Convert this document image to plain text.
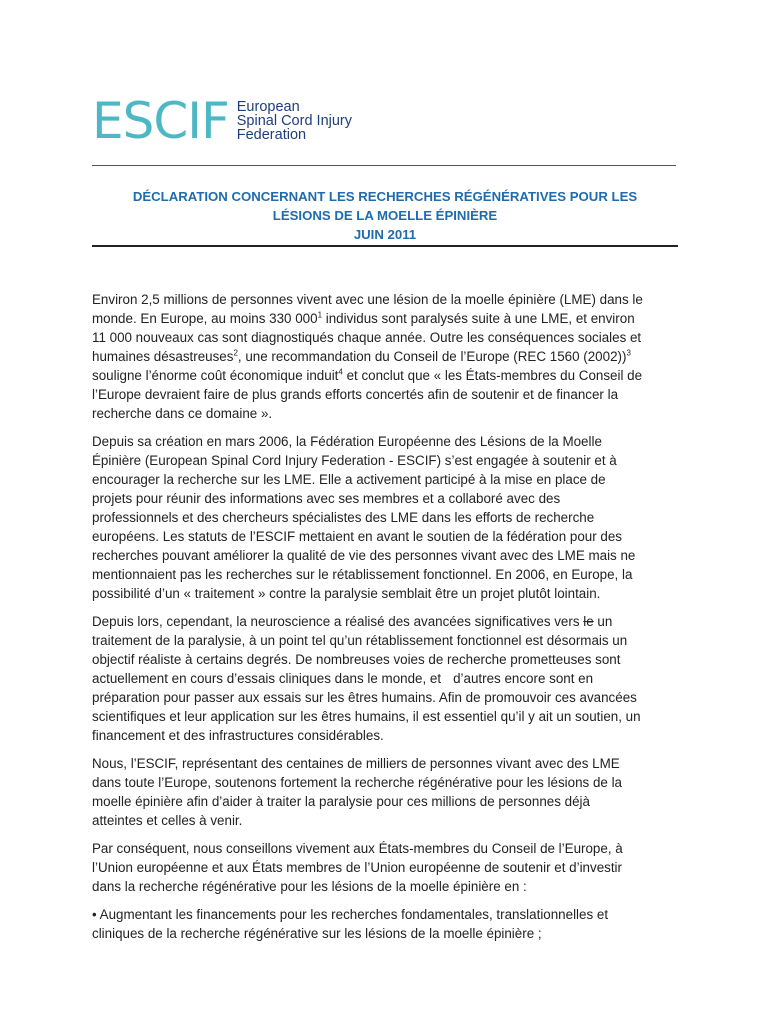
ESCIF European
Spinal Cord Injury
Federation
DÉCLARATION CONCERNANT LES RECHERCHES RÉGÉNÉRATIVES POUR LES
LÉSIONS DE LA MOELLE ÉPINIÈRE
JUIN 2011

Environ 2,5 millions de personnes vivent avec une lésion de la moelle épinière (LME) dans le
monde. En Europe, au moins 330 $000^1$ individus sont paralysés suite à une LME, et environ
11 000 nouveaux cas sont diagnostiqués chaque année. Outre les conséquences sociales et
humaines désastreuses$^2$, une recommandation du Conseil de l’Europe (REC 1560 (2002))$^3$
souligne l’énorme coût économique induit$^4$ et conclut que « les États-membres du Conseil de
l’Europe devraient faire de plus grands efforts concertés afin de soutenir et de financer la
recherche dans ce domaine ».

Depuis sa création en mars 2006, la Fédération Européenne des Lésions de la Moelle
Épinière (European Spinal Cord Injury Federation - ESCIF) s’est engagée à soutenir et à
encourager la recherche sur les LME. Elle a activement participé à la mise en place de
projets pour réunir des informations avec ses membres et a collaboré avec des
professionnels et des chercheurs spécialistes des LME dans les efforts de recherche
européens. Les statuts de l’ESCIF mettaient en avant le soutien de la fédération pour des
recherches pouvant améliorer la qualité de vie des personnes vivant avec des LME mais ne
mentionnaient pas les recherches sur le rétablissement fonctionnel. En 2006, en Europe, la
possibilité d’un « traitement » contre la paralysie semblait être un projet plutôt lointain.

Depuis lors, cependant, la neuroscience a réalisé des avancées significatives vers le un
traitement de la paralysie, à un point tel qu’un rétablissement fonctionnel est désormais un
objectif réaliste à certains degrés. De nombreuses voies de recherche prometteuses sont
actuellement en cours d’essais cliniques dans le monde, et d’autres encore sont en
préparation pour passer aux essais sur les êtres humains. Afin de promouvoir ces avancées
scientifiques et leur application sur les êtres humains, il est essentiel qu’il y ait un soutien, un
financement et des infrastructures considérables.

Nous, l’ESCIF, représentant des centaines de milliers de personnes vivant avec des LME
dans toute l’Europe, soutenons fortement la recherche régénérative pour les lésions de la
moelle épinière afin d’aider à traiter la paralysie pour ces millions de personnes déjà
atteintes et celles à venir.

Par conséquent, nous conseillons vivement aux États-membres du Conseil de l’Europe, à
l’Union européenne et aux États membres de l’Union européenne de soutenir et d’investir
dans la recherche régénérative pour les lésions de la moelle épinière en :

• Augmentant les financements pour les recherches fondamentales, translationnelles et
cliniques de la recherche régénérative sur les lésions de la moelle épinière ;
